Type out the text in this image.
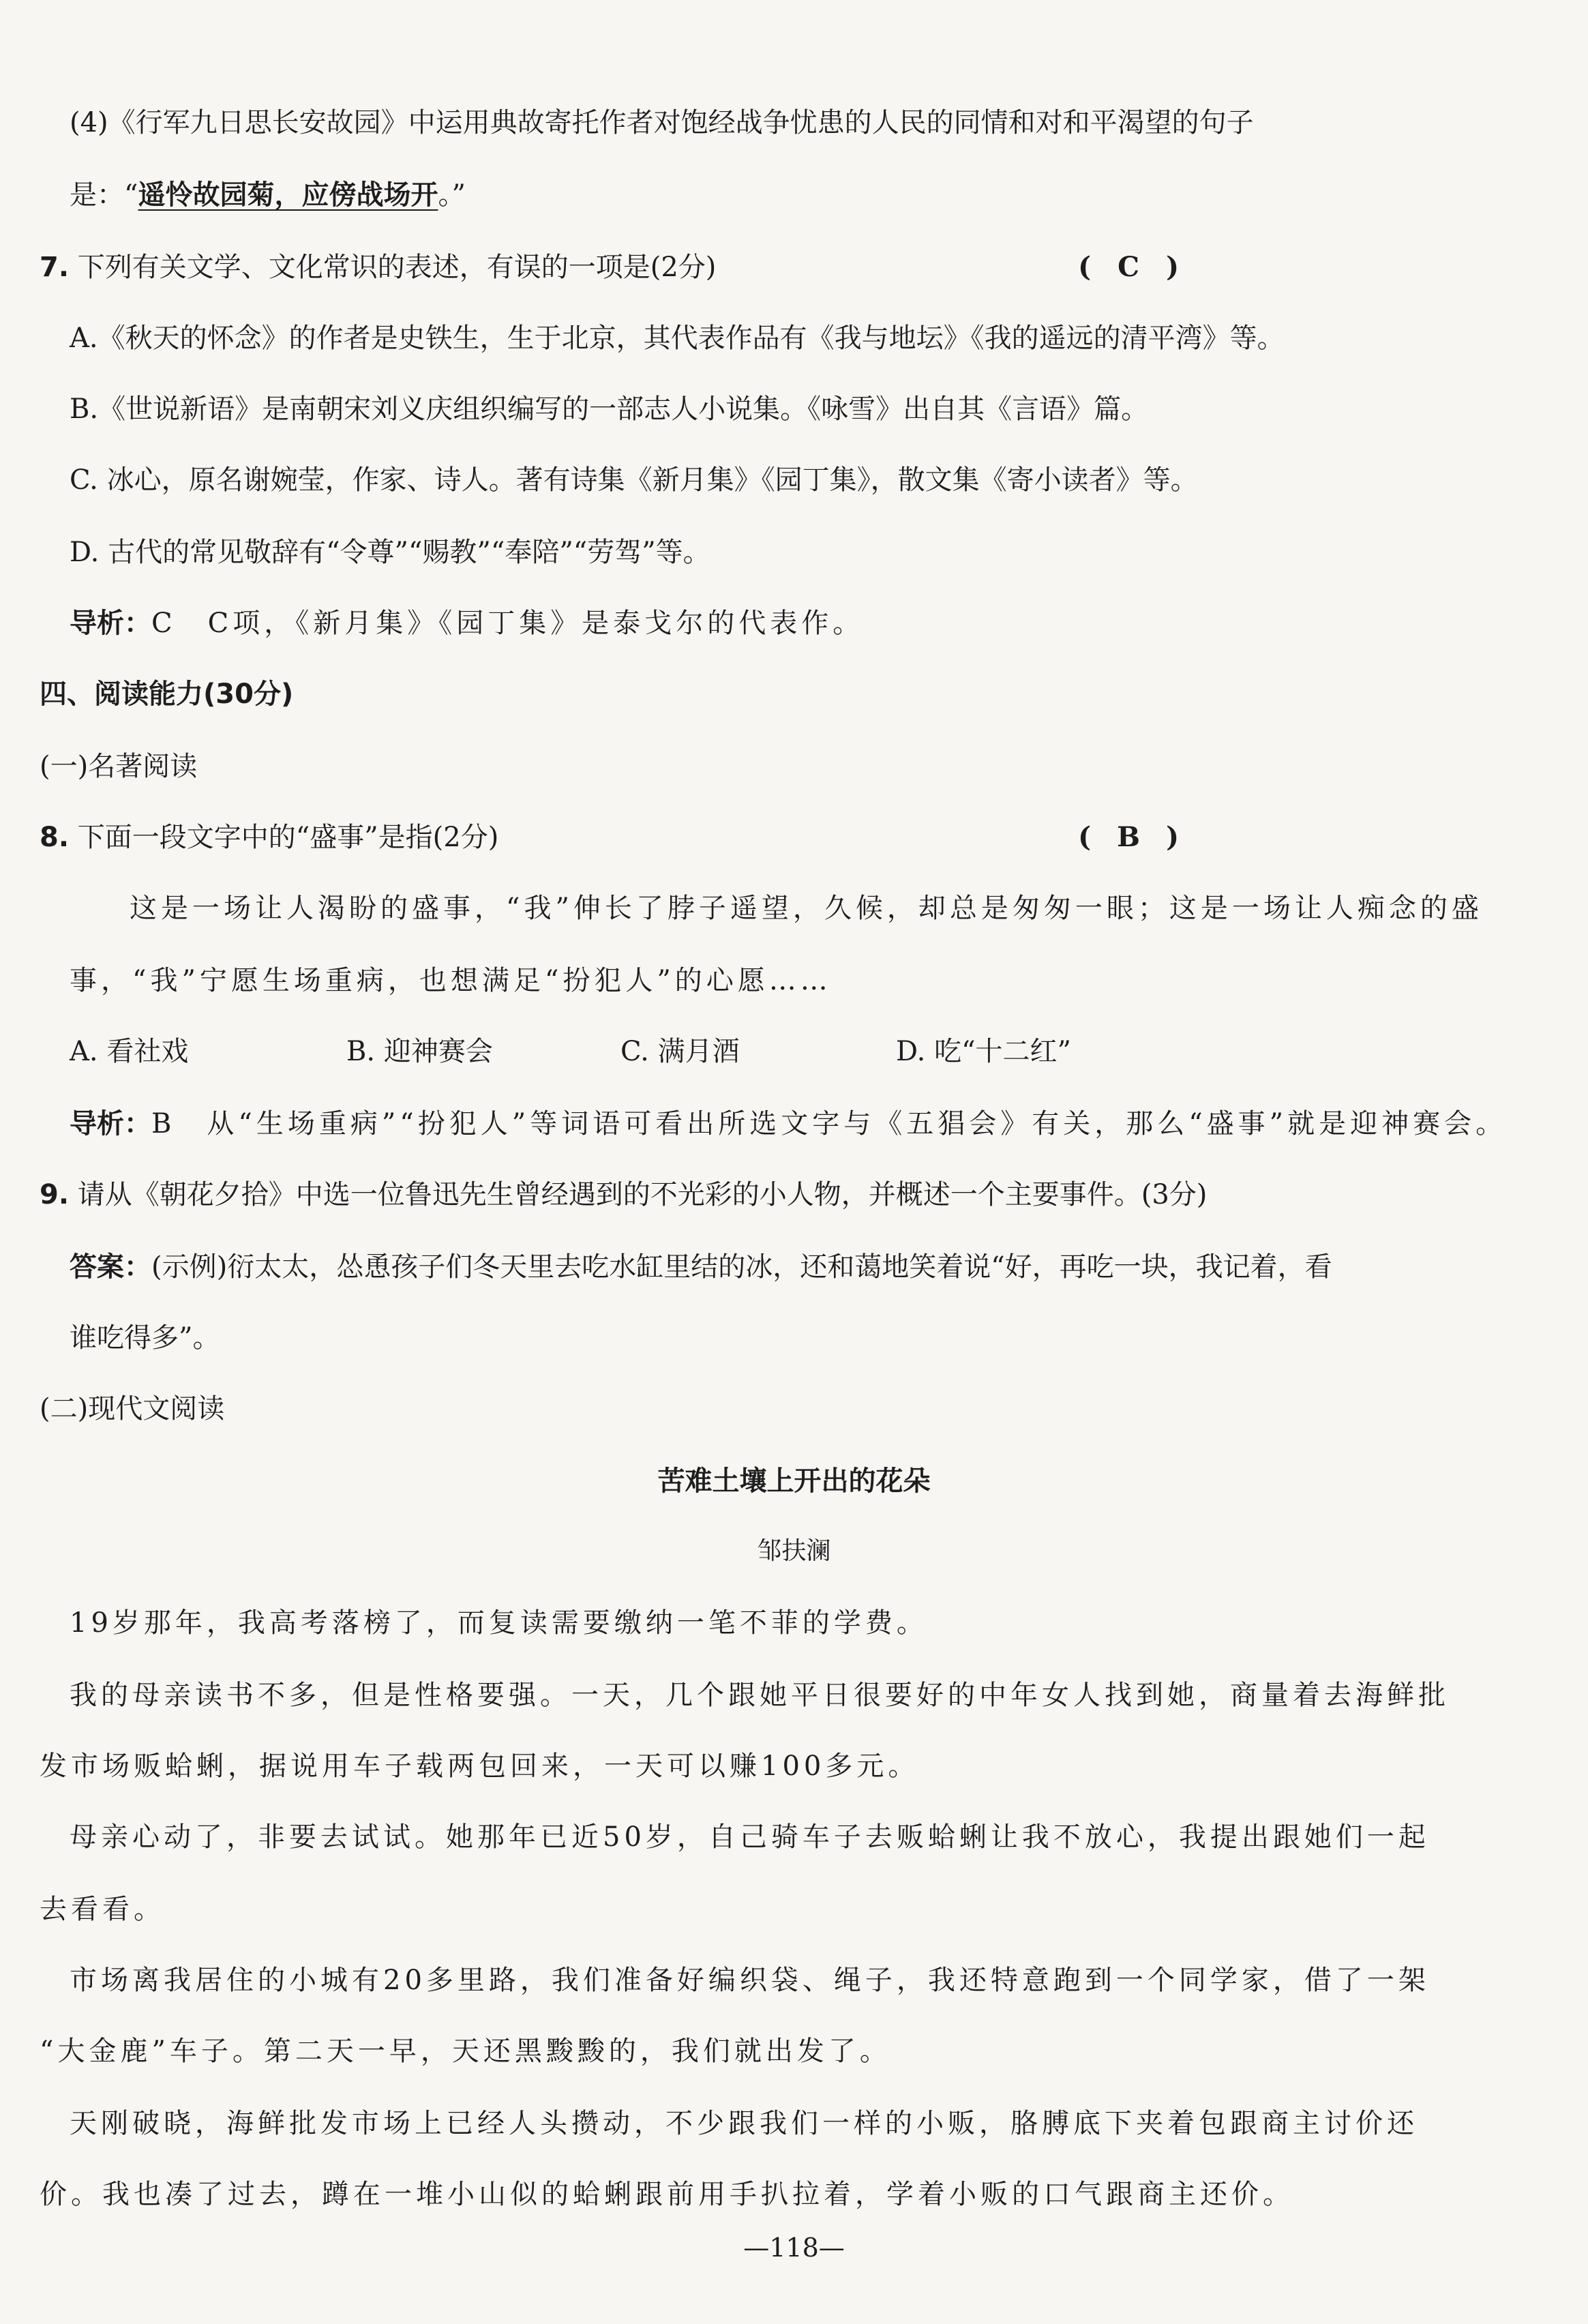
(4)《行军九日思长安故园》中运用典故寄托作者对饱经战争忧患的人民的同情和对和平渴望的句子
是：“遥怜故园菊，应傍战场开。”
7. 下列有关文学、文化常识的表述，有误的一项是(2分)	( C )
A.《秋天的怀念》的作者是史铁生，生于北京，其代表作品有《我与地坛》《我的遥远的清平湾》等。
B.《世说新语》是南朝宋刘义庆组织编写的一部志人小说集。《咏雪》出自其《言语》篇。
C. 冰心，原名谢婉莹，作家、诗人。著有诗集《新月集》《园丁集》，散文集《寄小读者》等。
D. 古代的常见敬辞有“令尊”“赐教”“奉陪”“劳驾”等。
导析：C　C项，《新月集》《园丁集》是泰戈尔的代表作。
四、阅读能力(30分)
(一)名著阅读
8. 下面一段文字中的“盛事”是指(2分)	( B )
这是一场让人渴盼的盛事，“我”伸长了脖子遥望，久候，却总是匆匆一眼；这是一场让人痴念的盛
事，“我”宁愿生场重病，也想满足“扮犯人”的心愿……
A. 看社戏	B. 迎神赛会	C. 满月酒	D. 吃“十二红”
导析：B　从“生场重病”“扮犯人”等词语可看出所选文字与《五猖会》有关，那么“盛事”就是迎神赛会。
9. 请从《朝花夕拾》中选一位鲁迅先生曾经遇到的不光彩的小人物，并概述一个主要事件。(3分)
答案：(示例)衍太太，怂恿孩子们冬天里去吃水缸里结的冰，还和蔼地笑着说“好，再吃一块，我记着，看
谁吃得多”。
(二)现代文阅读
苦难土壤上开出的花朵
邹扶澜
19岁那年，我高考落榜了，而复读需要缴纳一笔不菲的学费。
我的母亲读书不多，但是性格要强。一天，几个跟她平日很要好的中年女人找到她，商量着去海鲜批
发市场贩蛤蜊，据说用车子载两包回来，一天可以赚100多元。
母亲心动了，非要去试试。她那年已近50岁，自己骑车子去贩蛤蜊让我不放心，我提出跟她们一起
去看看。
市场离我居住的小城有20多里路，我们准备好编织袋、绳子，我还特意跑到一个同学家，借了一架
“大金鹿”车子。第二天一早，天还黑黢黢的，我们就出发了。
天刚破晓，海鲜批发市场上已经人头攒动，不少跟我们一样的小贩，胳膊底下夹着包跟商主讨价还
价。我也凑了过去，蹲在一堆小山似的蛤蜊跟前用手扒拉着，学着小贩的口气跟商主还价。
—118—
